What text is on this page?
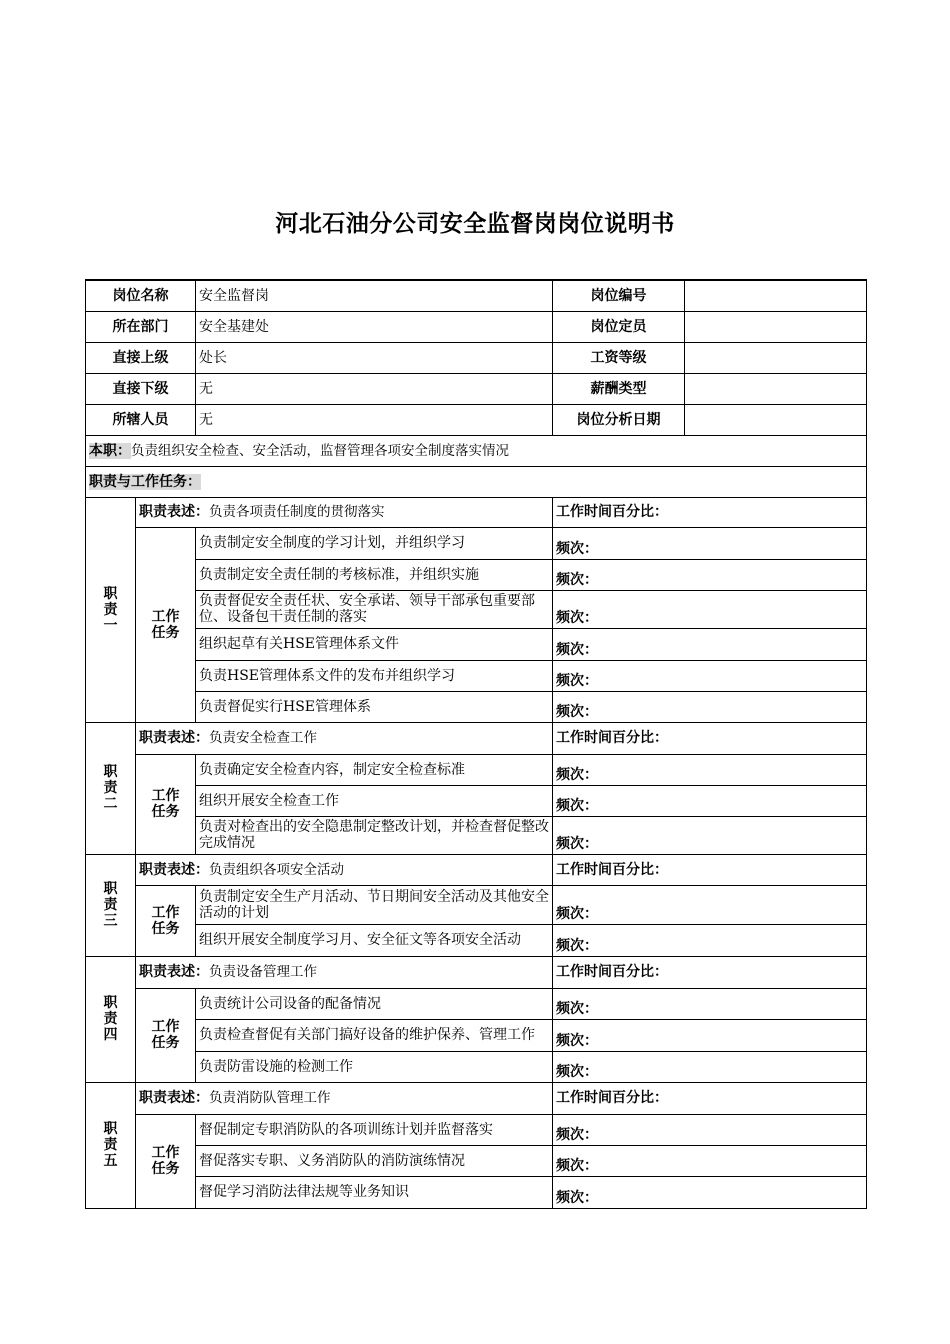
河北石油分公司安全监督岗岗位说明书
岗位名称		安全监督岗	岗位编号	
所在部门		安全基建处	岗位定员	
直接上级		处长	工资等级	
直接下级		无	薪酬类型	
所辖人员		无	岗位分析日期	
本职：负责组织安全检查、安全活动，监督管理各项安全制度落实情况				
职责与工作任务：				
职
责
一	职责表述：负责各项责任制度的贯彻落实		工作时间百分比：	
	工作
任务	负责制定安全制度的学习计划，并组织学习	频次：	
		负责制定安全责任制的考核标准，并组织实施	频次：	
		负责督促安全责任状、安全承诺、领导干部承包重要部位、设备包干责任制的落实	频次：	
		组织起草有关HSE管理体系文件	频次：	
		负责HSE管理体系文件的发布并组织学习	频次：	
		负责督促实行HSE管理体系	频次：	
职
责
二	职责表述：负责安全检查工作		工作时间百分比：	
	工作
任务	负责确定安全检查内容，制定安全检查标准	频次：	
		组织开展安全检查工作	频次：	
		负责对检查出的安全隐患制定整改计划，并检查督促整改完成情况	频次：	
职
责
三	职责表述：负责组织各项安全活动		工作时间百分比：	
	工作
任务	负责制定安全生产月活动、节日期间安全活动及其他安全活动的计划	频次：	
		组织开展安全制度学习月、安全征文等各项安全活动	频次：	
职
责
四	职责表述：负责设备管理工作		工作时间百分比：	
	工作
任务	负责统计公司设备的配备情况	频次：	
		负责检查督促有关部门搞好设备的维护保养、管理工作	频次：	
		负责防雷设施的检测工作	频次：	
职
责
五	职责表述：负责消防队管理工作		工作时间百分比：	
	工作
任务	督促制定专职消防队的各项训练计划并监督落实	频次：	
		督促落实专职、义务消防队的消防演练情况	频次：	
		督促学习消防法律法规等业务知识	频次：	
